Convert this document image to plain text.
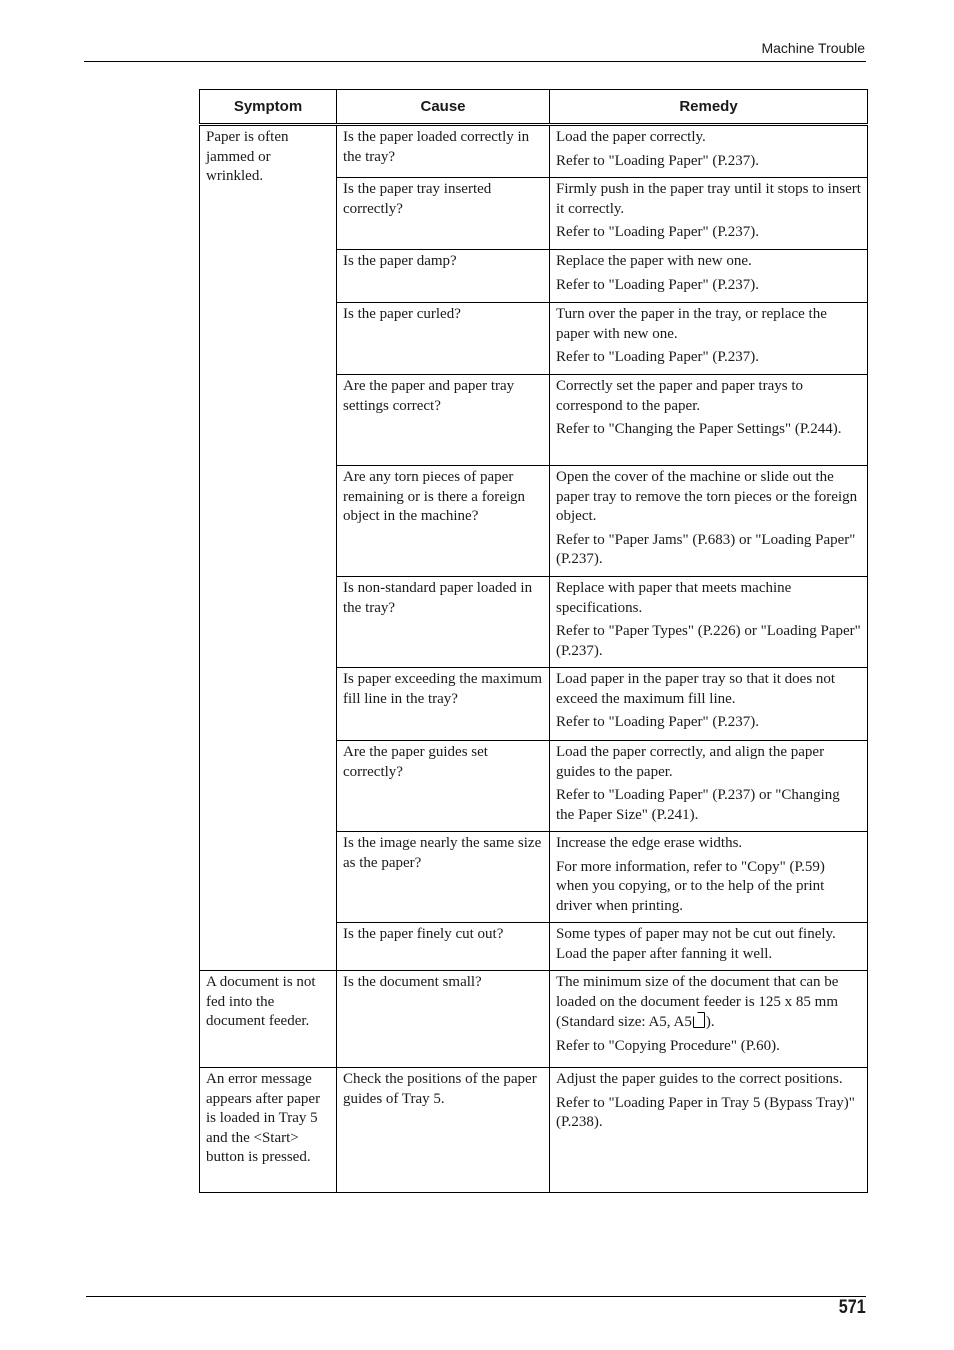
Machine Trouble
Symptom	Cause	Remedy
Paper is often jammed or wrinkled.	Is the paper loaded correctly in the tray?	Load the paper correctly.

Refer to "Loading Paper" (P.237).

	Is the paper tray inserted correctly?	Firmly push in the paper tray until it stops to insert it correctly.

Refer to "Loading Paper" (P.237).

	Is the paper damp?	Replace the paper with new one.

Refer to "Loading Paper" (P.237).

	Is the paper curled?	Turn over the paper in the tray, or replace the paper with new one.

Refer to "Loading Paper" (P.237).

	Are the paper and paper tray settings correct?	Correctly set the paper and paper trays to correspond to the paper.

Refer to "Changing the Paper Settings" (P.244).

	Are any torn pieces of paper remaining or is there a foreign object in the machine?	Open the cover of the machine or slide out the paper tray to remove the torn pieces or the foreign object.

Refer to "Paper Jams" (P.683) or "Loading Paper" (P.237).

	Is non-standard paper loaded in the tray?	Replace with paper that meets machine specifications.

Refer to "Paper Types" (P.226) or "Loading Paper" (P.237).

	Is paper exceeding the maximum fill line in the tray?	Load paper in the paper tray so that it does not exceed the maximum fill line.

Refer to "Loading Paper" (P.237).

	Are the paper guides set correctly?	Load the paper correctly, and align the paper guides to the paper.

Refer to "Loading Paper" (P.237) or "Changing the Paper Size" (P.241).

	Is the image nearly the same size as the paper?	Increase the edge erase widths.

For more information, refer to "Copy" (P.59) when you copying, or to the help of the print driver when printing.

	Is the paper finely cut out?	Some types of paper may not be cut out finely. Load the paper after fanning it well.

A document is not fed into the document feeder.	Is the document small?	The minimum size of the document that can be loaded on the document feeder is 125 x 85 mm (Standard size: A5, A5 ).

Refer to "Copying Procedure" (P.60).

An error message appears after paper is loaded in Tray 5 and the <Start> button is pressed.	Check the positions of the paper guides of Tray 5.	Adjust the paper guides to the correct positions.

Refer to "Loading Paper in Tray 5 (Bypass Tray)" (P.238).

571
